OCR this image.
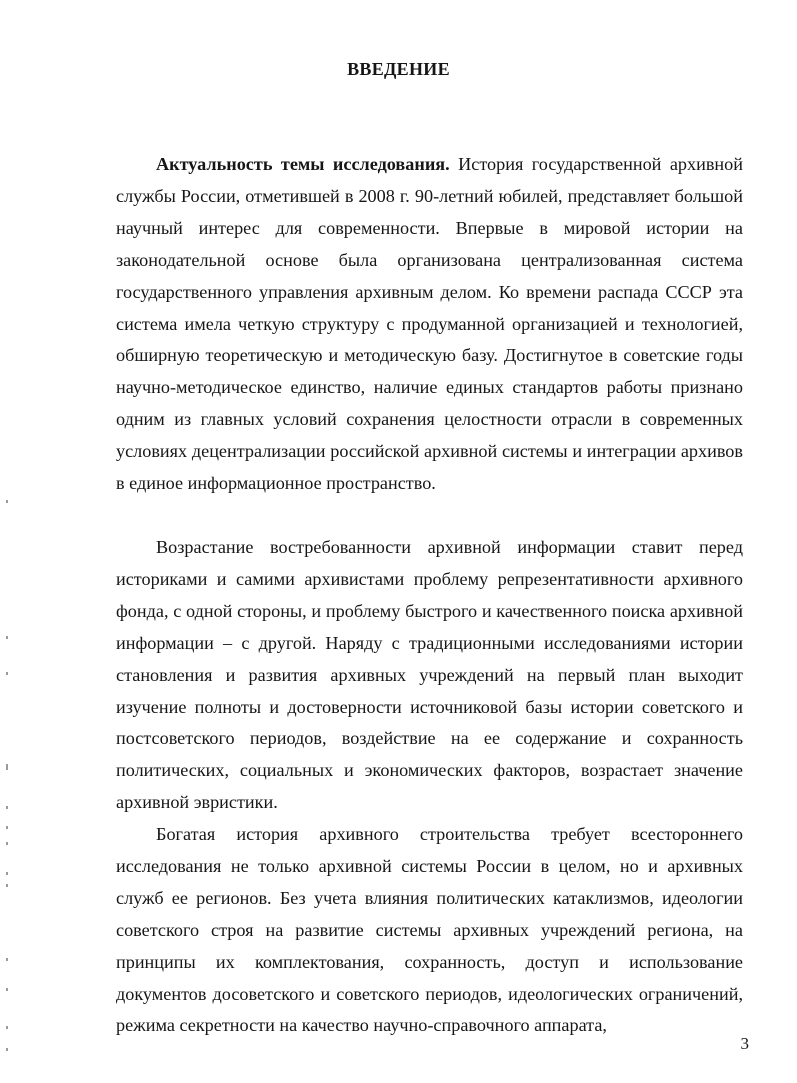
ВВЕДЕНИЕ

Актуальность темы исследования. История государственной архивной службы России, отметившей в 2008 г. 90-летний юбилей, представляет большой научный интерес для современности. Впервые в мировой истории на законодательной основе была организована централизованная система государственного управления архивным делом. Ко времени распада СССР эта система имела четкую структуру с продуманной организацией и технологией, обширную теоретическую и методическую базу. Достигнутое в советские годы научно-методическое единство, наличие единых стандартов работы признано одним из главных условий сохранения целостности отрасли в современных условиях децентрализации российской архивной системы и интеграции архивов в единое информационное пространство.

Возрастание востребованности архивной информации ставит перед историками и самими архивистами проблему репрезентативности архивного фонда, с одной стороны, и проблему быстрого и качественного поиска архивной информации – с другой. Наряду с традиционными исследованиями истории становления и развития архивных учреждений на первый план выходит изучение полноты и достоверности источниковой базы истории советского и постсоветского периодов, воздействие на ее содержание и сохранность политических, социальных и экономических факторов, возрастает значение архивной эвристики.

Богатая история архивного строительства требует всестороннего исследования не только архивной системы России в целом, но и архивных служб ее регионов. Без учета влияния политических катаклизмов, идеологии советского строя на развитие системы архивных учреждений региона, на принципы их комплектования, сохранность, доступ и использование документов досоветского и советского периодов, идеологических ограничений, режима секретности на качество научно-справочного аппарата,

3
